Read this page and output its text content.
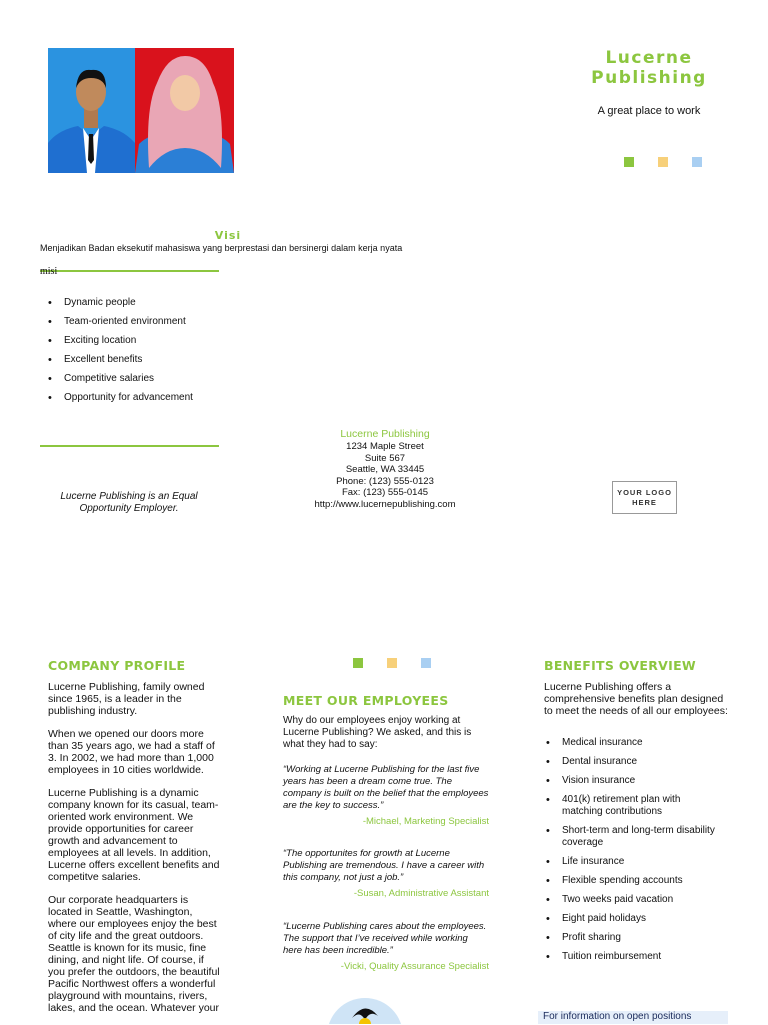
Lucerne
Publishing
A great place to work
Visi
Menjadikan Badan eksekutif mahasiswa yang berprestasi dan bersinergi dalam kerja nyata
misi
• Dynamic people
• Team-oriented environment
• Exciting location
• Excellent benefits
• Competitive salaries
• Opportunity for advancement
Lucerne Publishing
1234 Maple Street
Suite 567
Seattle, WA 33445
Phone: (123) 555-0123
Fax: (123) 555-0145
http://www.lucernepublishing.com
Lucerne Publishing is an Equal Opportunity Employer.
YOUR LOGO
HERE
COMPANY PROFILE

Lucerne Publishing, family owned since 1965, is a leader in the publishing industry.

When we opened our doors more than 35 years ago, we had a staff of 3. In 2002, we had more than 1,000 employees in 10 cities worldwide.

Lucerne Publishing is a dynamic company known for its casual, team-oriented work environment. We provide opportunities for career growth and advancement to employees at all levels. In addition, Lucerne offers excellent benefits and competitve salaries.

Our corporate headquarters is located in Seattle, Washington, where our employees enjoy the best of city life and the great outdoors. Seattle is known for its music, fine dining, and night life. Of course, if you prefer the outdoors, the beautiful Pacific Northwest offers a wonderful playground with mountains, rivers, lakes, and the ocean. Whatever your

MEET OUR EMPLOYEES
Why do our employees enjoy working at Lucerne Publishing? We asked, and this is what they had to say:
“Working at Lucerne Publishing for the last five years has been a dream come true. The company is built on the belief that the employees are the key to success.”
-Michael, Marketing Specialist
“The opportunites for growth at Lucerne Publishing are tremendous. I have a career with this company, not just a job.”
-Susan, Administrative Assistant
“Lucerne Publishing cares about the employees. The support that I’ve received while working here has been incredible.”
-Vicki, Quality Assurance Specialist
BENEFITS OVERVIEW
Lucerne Publishing offers a comprehensive benefits plan designed to meet the needs of all our employees:
• Medical insurance
• Dental insurance
• Vision insurance
• 401(k) retirement plan with matching contributions
• Short-term and long-term disability coverage
• Life insurance
• Flexible spending accounts
• Two weeks paid vacation
• Eight paid holidays
• Profit sharing
• Tuition reimbursement
For information on open positions
